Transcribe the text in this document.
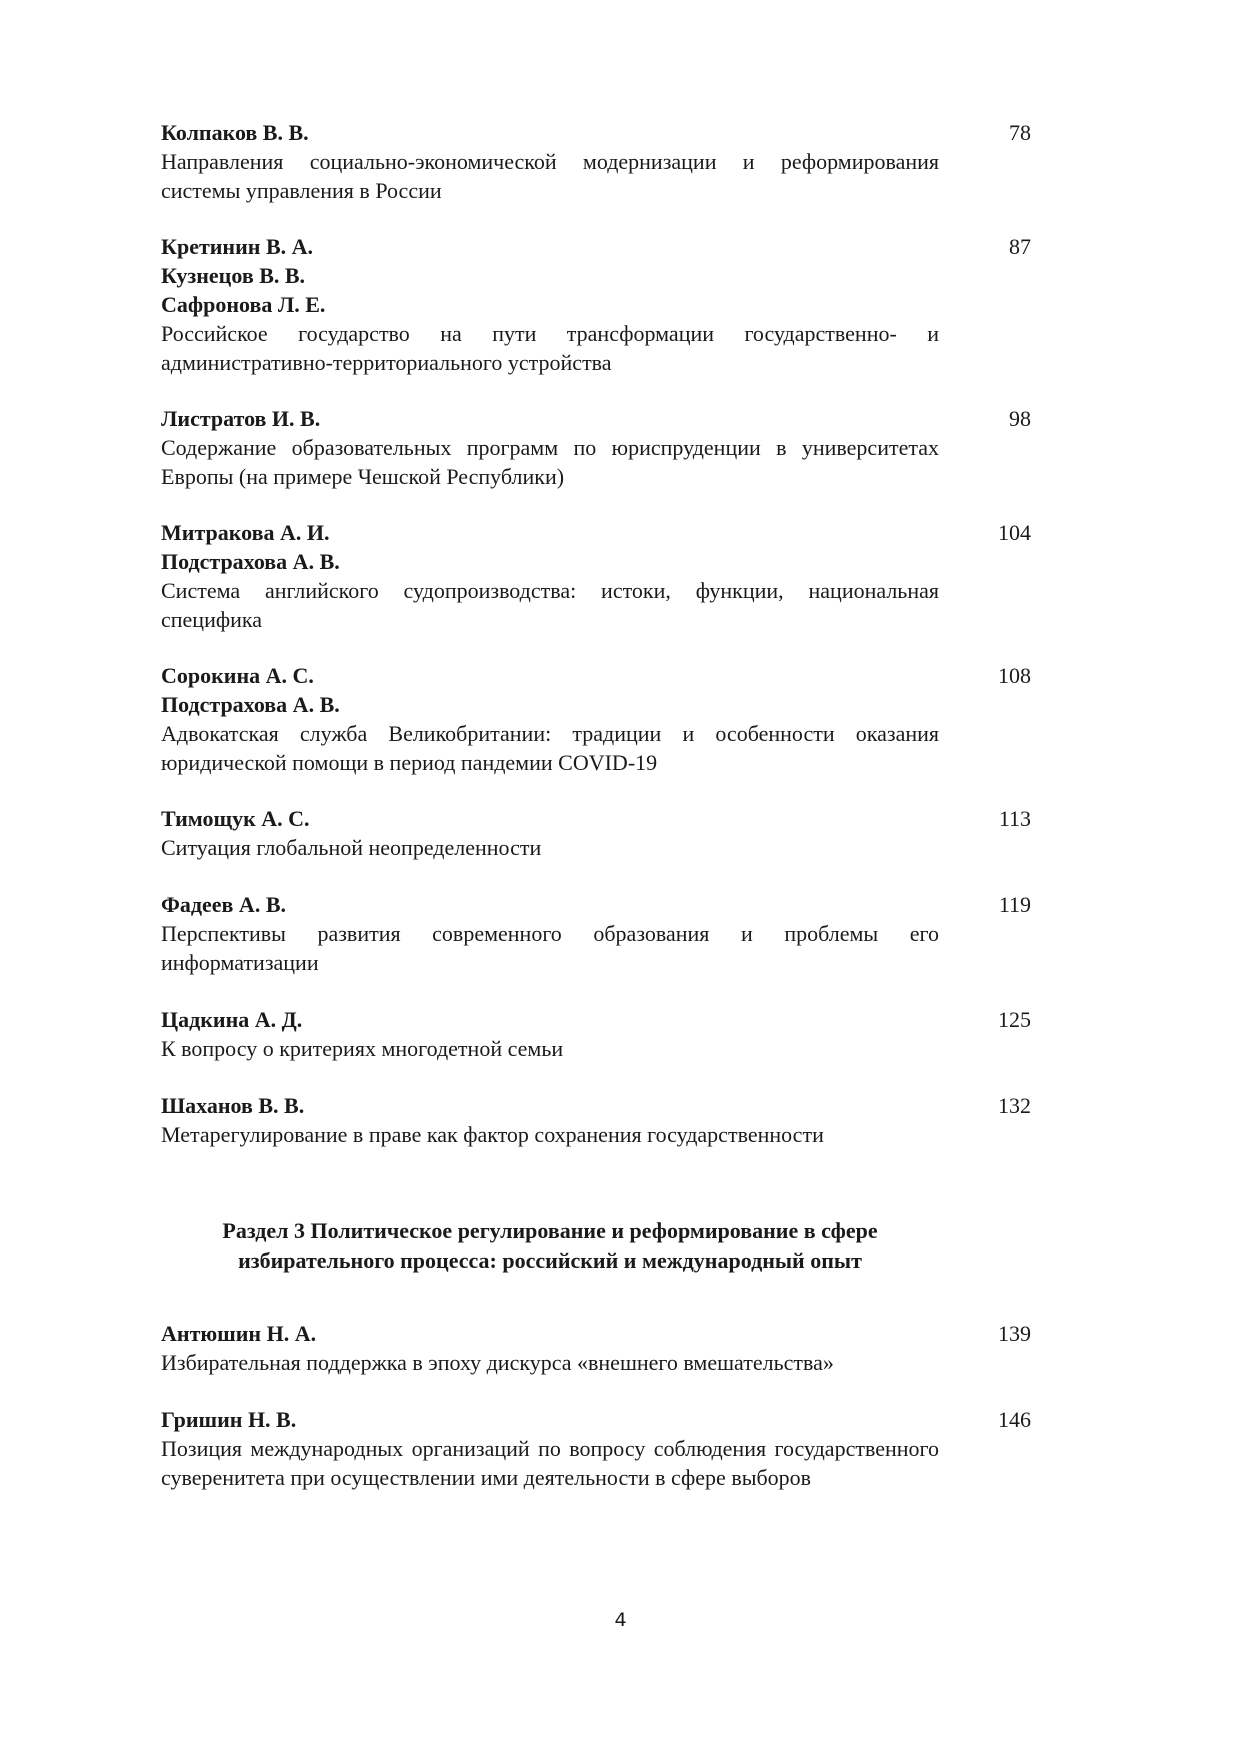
Колпаков В. В.
Направления социально-экономической модернизации и реформирования системы управления в России
78
Кретинин В. А.
Кузнецов В. В.
Сафронова Л. Е.
Российское государство на пути трансформации государственно- и административно-территориального устройства
87
Листратов И. В.
Содержание образовательных программ по юриспруденции в университетах Европы (на примере Чешской Республики)
98
Митракова А. И.
Подстрахова А. В.
Система английского судопроизводства: истоки, функции, национальная специфика
104
Сорокина А. С.
Подстрахова А. В.
Адвокатская служба Великобритании: традиции и особенности оказания юридической помощи в период пандемии COVID-19
108
Тимощук А. С.
Ситуация глобальной неопределенности
113
Фадеев А. В.
Перспективы развития современного образования и проблемы его информатизации
119
Цадкина А. Д.
К вопросу о критериях многодетной семьи
125
Шаханов В. В.
Метарегулирование в праве как фактор сохранения государственности
132
Раздел 3 Политическое регулирование и реформирование в сфере
избирательного процесса: российский и международный опыт
Антюшин Н. А.
Избирательная поддержка в эпоху дискурса «внешнего вмешательства»
139
Гришин Н. В.
Позиция международных организаций по вопросу соблюдения государственного суверенитета при осуществлении ими деятельности в сфере выборов
146
4
